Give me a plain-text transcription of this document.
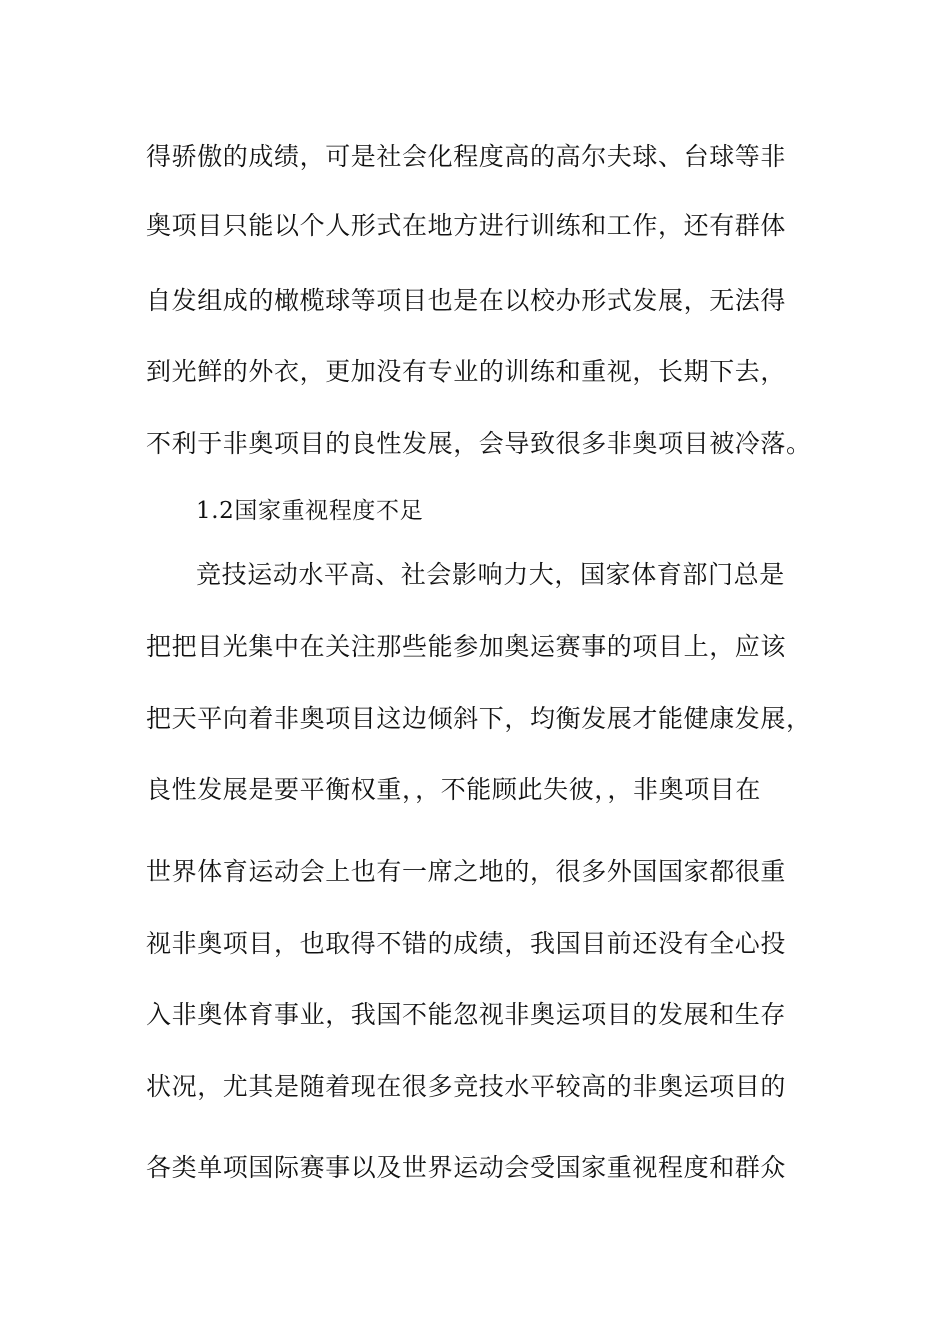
得骄傲的成绩，可是社会化程度高的高尔夫球、台球等非
奥项目只能以个人形式在地方进行训练和工作，还有群体
自发组成的橄榄球等项目也是在以校办形式发展，无法得
到光鲜的外衣，更加没有专业的训练和重视，长期下去，
不利于非奥项目的良性发展，会导致很多非奥项目被冷落。
1.2国家重视程度不足
竞技运动水平高、社会影响力大，国家体育部门总是
把把目光集中在关注那些能参加奥运赛事的项目上，应该
把天平向着非奥项目这边倾斜下，均衡发展才能健康发展，
良性发展是要平衡权重，，不能顾此失彼，，非奥项目在
世界体育运动会上也有一席之地的，很多外国国家都很重
视非奥项目，也取得不错的成绩，我国目前还没有全心投
入非奥体育事业，我国不能忽视非奥运项目的发展和生存
状况，尤其是随着现在很多竞技水平较高的非奥运项目的
各类单项国际赛事以及世界运动会受国家重视程度和群众
